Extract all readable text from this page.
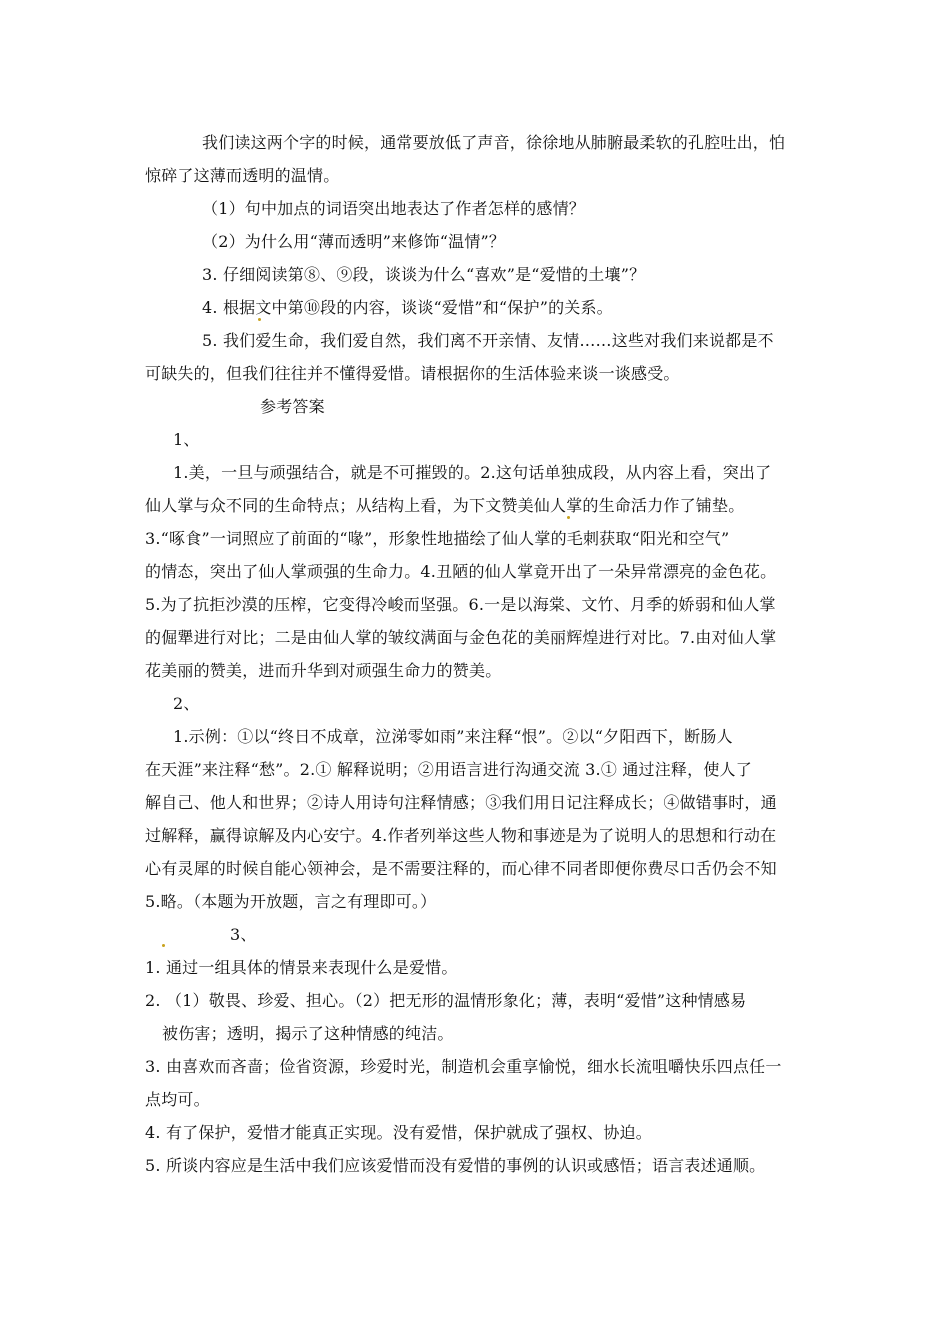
我们读这两个字的时候，通常要放低了声音，徐徐地从肺腑最柔软的孔腔吐出，怕
惊碎了这薄而透明的温情。
（1）句中加点的词语突出地表达了作者怎样的感情？
（2）为什么用“薄而透明”来修饰“温情”？
3. 仔细阅读第⑧、⑨段，谈谈为什么“喜欢”是“爱惜的土壤”？
4. 根据文中第⑩段的内容，谈谈“爱惜”和“保护”的关系。
5. 我们爱生命，我们爱自然，我们离不开亲情、友情……这些对我们来说都是不
可缺失的，但我们往往并不懂得爱惜。请根据你的生活体验来谈一谈感受。
参考答案
1、
1.美，一旦与顽强结合，就是不可摧毁的。2.这句话单独成段，从内容上看，突出了
仙人掌与众不同的生命特点；从结构上看，为下文赞美仙人掌的生命活力作了铺垫。
3.“啄食”一词照应了前面的“喙”，形象性地描绘了仙人掌的毛刺获取“阳光和空气”
的情态，突出了仙人掌顽强的生命力。4.丑陋的仙人掌竟开出了一朵异常漂亮的金色花。
5.为了抗拒沙漠的压榨，它变得冷峻而坚强。6.一是以海棠、文竹、月季的娇弱和仙人掌
的倔犟进行对比；二是由仙人掌的皱纹满面与金色花的美丽辉煌进行对比。7.由对仙人掌
花美丽的赞美，进而升华到对顽强生命力的赞美。
2、
1.示例：①以“终日不成章，泣涕零如雨”来注释“恨”。②以“夕阳西下，断肠人
在天涯”来注释“愁”。2.① 解释说明；②用语言进行沟通交流 3.① 通过注释，使人了
解自己、他人和世界；②诗人用诗句注释情感；③我们用日记注释成长；④做错事时，通
过解释，赢得谅解及内心安宁。4.作者列举这些人物和事迹是为了说明人的思想和行动在
心有灵犀的时候自能心领神会，是不需要注释的，而心律不同者即便你费尽口舌仍会不知
5.略。（本题为开放题，言之有理即可。）
3、
1. 通过一组具体的情景来表现什么是爱惜。
2. （1）敬畏、珍爱、担心。（2）把无形的温情形象化；薄，表明“爱惜”这种情感易
被伤害；透明，揭示了这种情感的纯洁。
3. 由喜欢而吝啬；俭省资源，珍爱时光，制造机会重享愉悦，细水长流咀嚼快乐四点任一
点均可。
4. 有了保护，爱惜才能真正实现。没有爱惜，保护就成了强权、协迫。
5. 所谈内容应是生活中我们应该爱惜而没有爱惜的事例的认识或感悟；语言表述通顺。
